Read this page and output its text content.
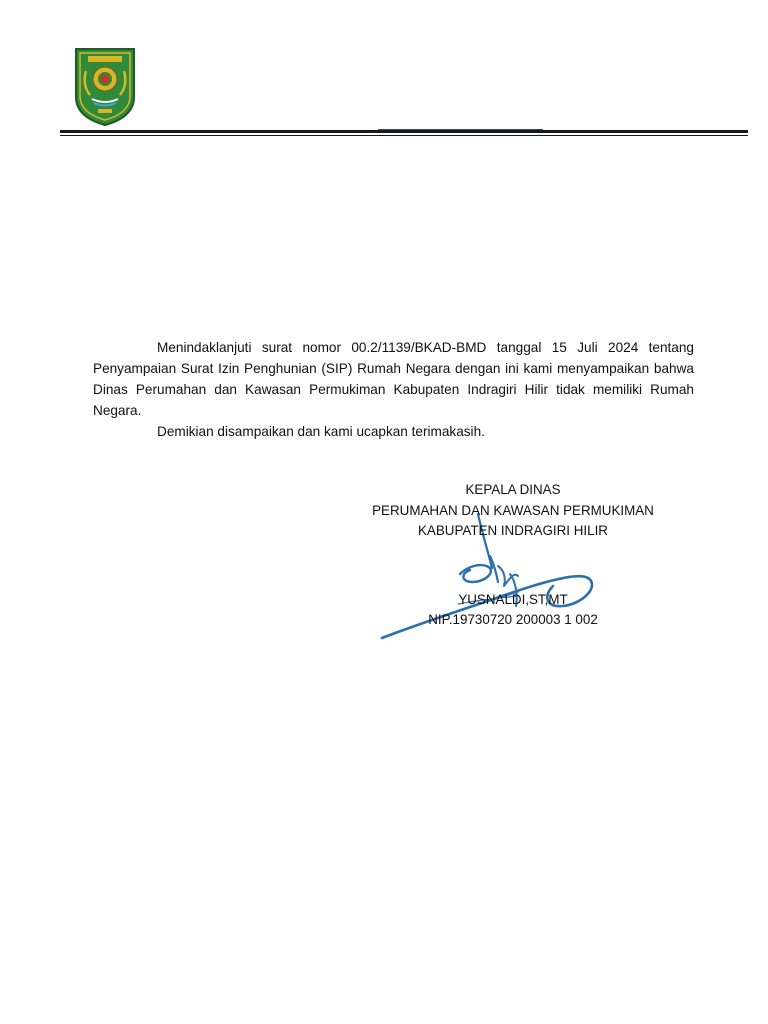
Menindaklanjuti surat nomor 00.2/1139/BKAD-BMD tanggal 15 Juli 2024 tentang Penyampaian Surat Izin Penghunian (SIP) Rumah Negara dengan ini kami menyampaikan bahwa Dinas Perumahan dan Kawasan Permukiman Kabupaten Indragiri Hilir tidak memiliki Rumah Negara.

Demikian disampaikan dan kami ucapkan terimakasih.

KEPALA DINAS
PERUMAHAN DAN KAWASAN PERMUKIMAN
KABUPATEN INDRAGIRI HILIR
YUSNALDI,ST,MT
NIP.19730720 200003 1 002
